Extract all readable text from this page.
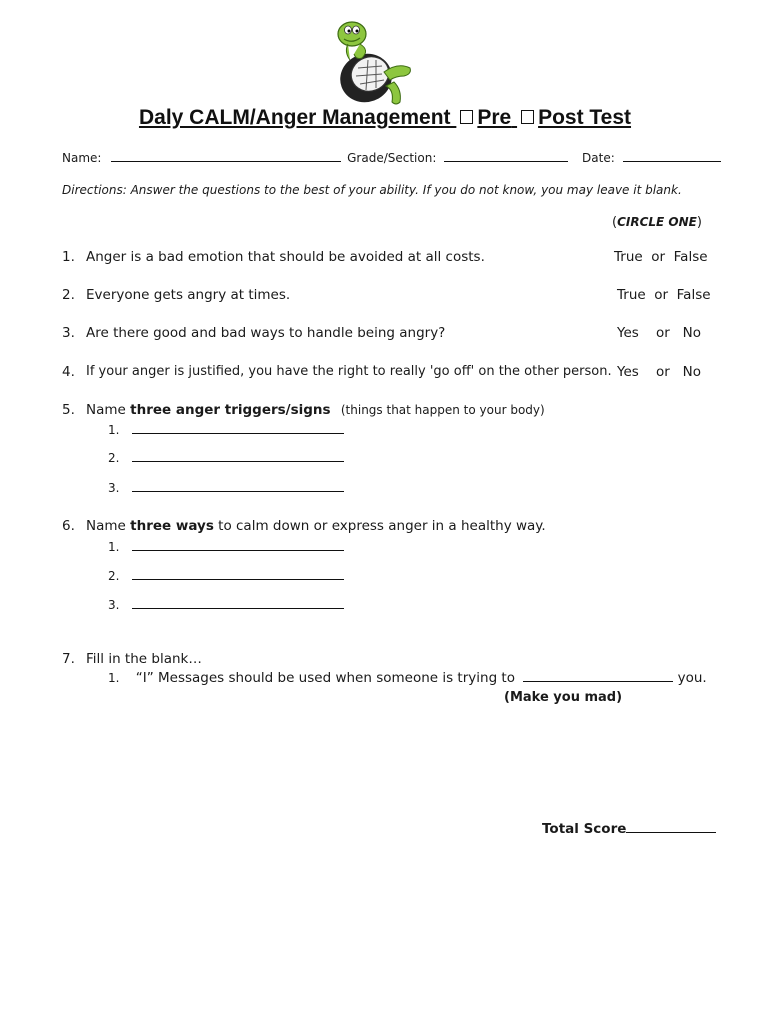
Daly CALM/Anger Management Pre Post Test
Name:	Grade/Section:	Date:
Directions: Answer the questions to the best of your ability. If you do not know, you may leave it blank.
(CIRCLE ONE)
1. Anger is a bad emotion that should be avoided at all costs.	True  or  False
2. Everyone gets angry at times.	True  or  False
3. Are there good and bad ways to handle being angry?	Yes    or   No
4. If your anger is justified, you have the right to really 'go off' on the other person. Yes    or   No
5. Name three anger triggers/signs (things that happen to your body)
1.
2.
3.
6. Name three ways to calm down or express anger in a healthy way.
1.
2.
3.
7. Fill in the blank…
1. “I” Messages should be used when someone is trying to	you.
(Make you mad)
Total Score
